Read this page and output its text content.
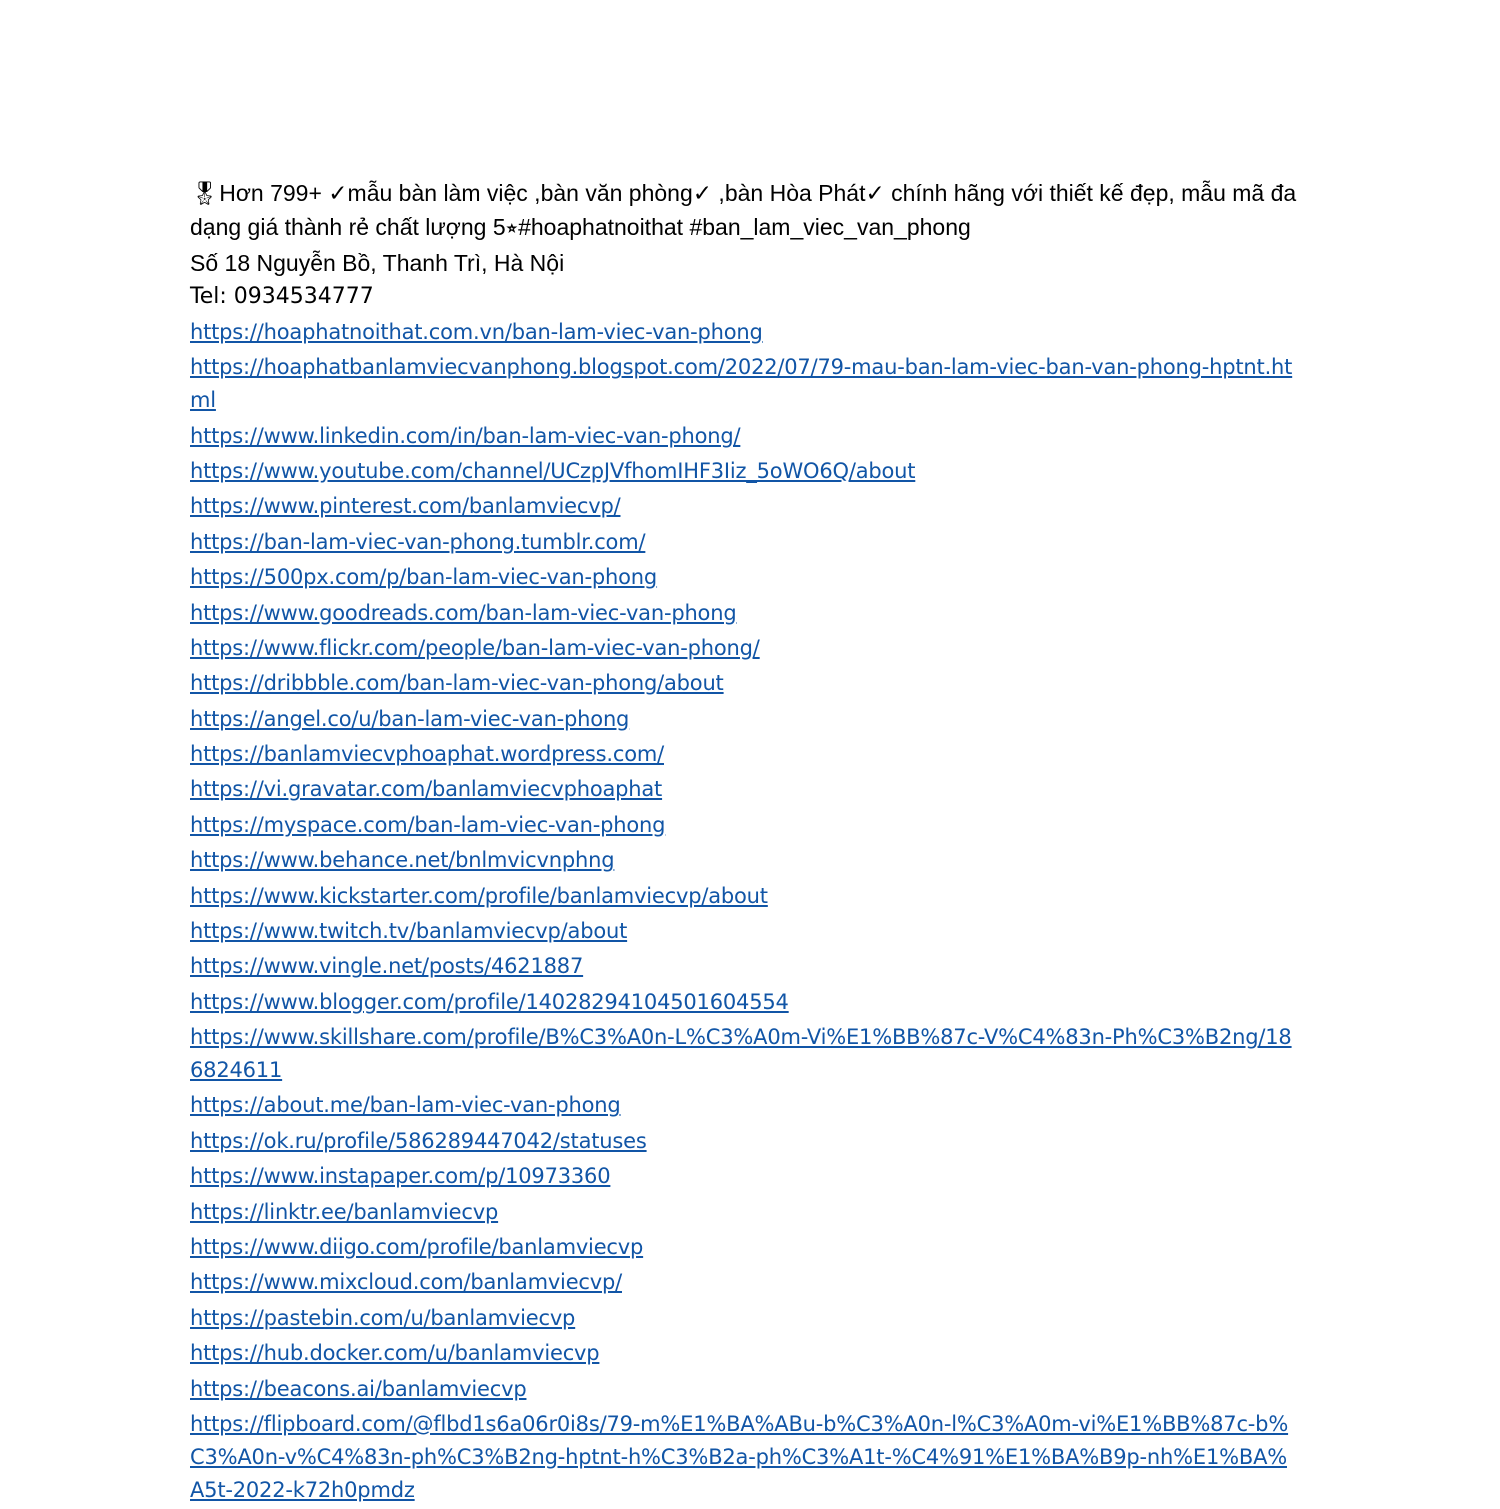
🎖Hơn 799+ ✓mẫu bàn làm việc ,bàn văn phòng✓ ,bàn Hòa Phát✓ chính hãng với thiết kế đẹp, mẫu mã đa dạng giá thành rẻ chất lượng 5⭒#hoaphatnoithat #ban_lam_viec_van_phong

Số 18 Nguyễn Bồ, Thanh Trì, Hà Nội

Tel: 0934534777

https://hoaphatnoithat.com.vn/ban-lam-viec-van-phong
https://hoaphatbanlamviecvanphong.blogspot.com/2022/07/79-mau-ban-lam-viec-ban-van-phong-hptnt.html
https://www.linkedin.com/in/ban-lam-viec-van-phong/
https://www.youtube.com/channel/UCzpJVfhomIHF3Iiz_5oWO6Q/about
https://www.pinterest.com/banlamviecvp/
https://ban-lam-viec-van-phong.tumblr.com/
https://500px.com/p/ban-lam-viec-van-phong
https://www.goodreads.com/ban-lam-viec-van-phong
https://www.flickr.com/people/ban-lam-viec-van-phong/
https://dribbble.com/ban-lam-viec-van-phong/about
https://angel.co/u/ban-lam-viec-van-phong
https://banlamviecvphoaphat.wordpress.com/
https://vi.gravatar.com/banlamviecvphoaphat
https://myspace.com/ban-lam-viec-van-phong
https://www.behance.net/bnlmvicvnphng
https://www.kickstarter.com/profile/banlamviecvp/about
https://www.twitch.tv/banlamviecvp/about
https://www.vingle.net/posts/4621887
https://www.blogger.com/profile/14028294104501604554
https://www.skillshare.com/profile/B%C3%A0n-L%C3%A0m-Vi%E1%BB%87c-V%C4%83n-Ph%C3%B2ng/186824611
https://about.me/ban-lam-viec-van-phong
https://ok.ru/profile/586289447042/statuses
https://www.instapaper.com/p/10973360
https://linktr.ee/banlamviecvp
https://www.diigo.com/profile/banlamviecvp
https://www.mixcloud.com/banlamviecvp/
https://pastebin.com/u/banlamviecvp
https://hub.docker.com/u/banlamviecvp
https://beacons.ai/banlamviecvp
https://flipboard.com/@flbd1s6a06r0i8s/79-m%E1%BA%ABu-b%C3%A0n-l%C3%A0m-vi%E1%BB%87c-b%C3%A0n-v%C4%83n-ph%C3%B2ng-hptnt-h%C3%B2a-ph%C3%A1t-%C4%91%E1%BA%B9p-nh%E1%BA%A5t-2022-k72h0pmdz
